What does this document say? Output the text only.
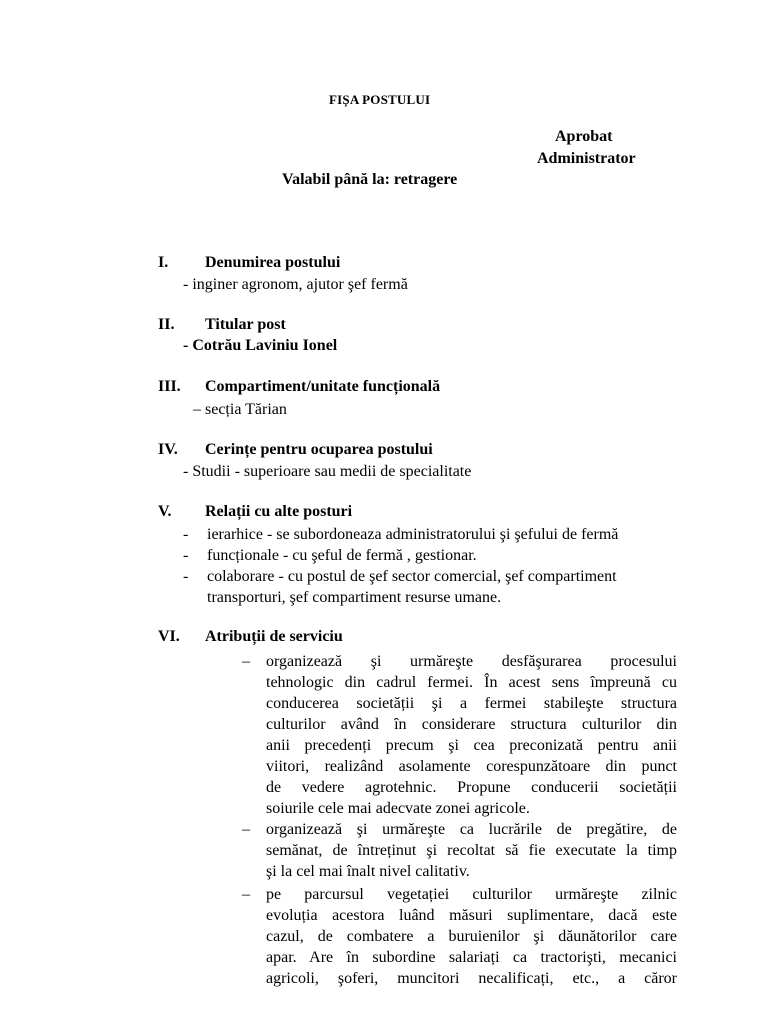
FIȘA POSTULUI
Aprobat
Administrator
Valabil până la: retragere
I. Denumirea postului
- inginer agronom, ajutor şef fermă
II. Titular post
- Cotrău Laviniu Ionel
III. Compartiment/unitate funcțională
– secția Tărian
IV. Cerințe pentru ocuparea postului
- Studii - superioare sau medii de specialitate
V. Relații cu alte posturi
- ierarhice - se subordoneaza administratorului şi şefului de fermă
- funcționale - cu şeful de fermă , gestionar.
- colaborare - cu postul de şef sector comercial, şef compartiment
transporturi, şef compartiment resurse umane.
VI. Atribuții de serviciu
– organizează şi urmăreşte desfăşurarea procesului
tehnologic din cadrul fermei. În acest sens împreună cu
conducerea societății şi a fermei stabileşte structura
culturilor având în considerare structura culturilor din
anii precedenți precum şi cea preconizată pentru anii
viitori, realizând asolamente corespunzătoare din punct
de vedere agrotehnic. Propune conducerii societății
soiurile cele mai adecvate zonei agricole.
– organizează şi urmăreşte ca lucrările de pregătire, de
semănat, de întreținut şi recoltat să fie executate la timp
şi la cel mai înalt nivel calitativ.
– pe parcursul vegetației culturilor urmăreşte zilnic
evoluția acestora luând măsuri suplimentare, dacă este
cazul, de combatere a buruienilor şi dăunătorilor care
apar. Are în subordine salariați ca tractorişti, mecanici
agricoli, şoferi, muncitori necalificați, etc., a căror
